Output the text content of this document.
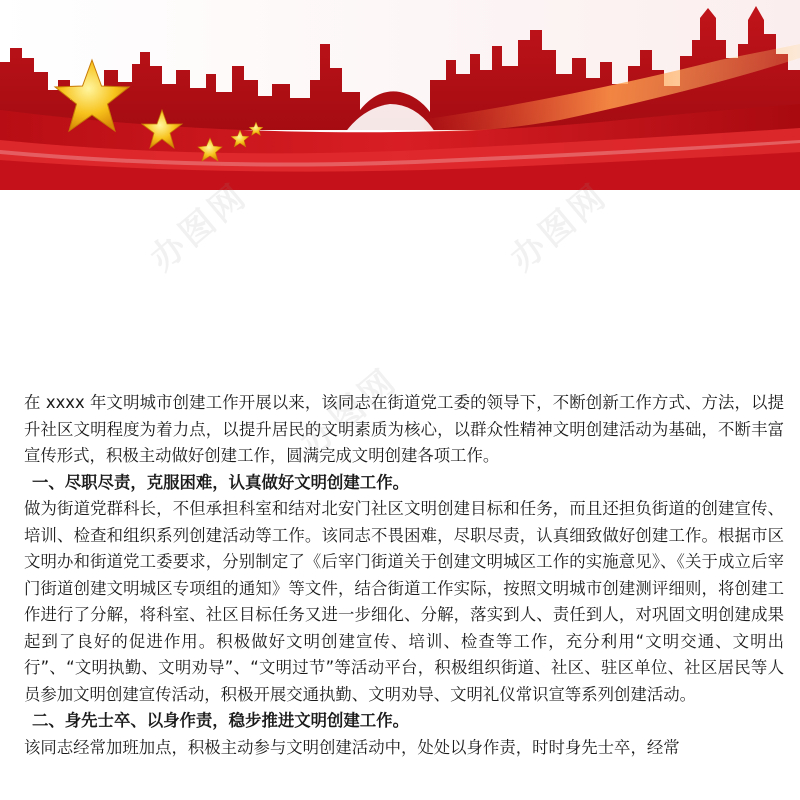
办图网	办图网
办图网

在 xxxx 年文明城市创建工作开展以来，该同志在街道党工委的领导下，不断创新工作方式、方法，以提升社区文明程度为着力点，以提升居民的文明素质为核心，以群众性精神文明创建活动为基础，不断丰富宣传形式，积极主动做好创建工作，圆满完成文明创建各项工作。

一、尽职尽责，克服困难，认真做好文明创建工作。

做为街道党群科长，不但承担科室和结对北安门社区文明创建目标和任务，而且还担负街道的创建宣传、培训、检查和组织系列创建活动等工作。该同志不畏困难，尽职尽责，认真细致做好创建工作。根据市区文明办和街道党工委要求，分别制定了《后宰门街道关于创建文明城区工作的实施意见》、《关于成立后宰门街道创建文明城区专项组的通知》等文件，结合街道工作实际，按照文明城市创建测评细则，将创建工作进行了分解，将科室、社区目标任务又进一步细化、分解，落实到人、责任到人，对巩固文明创建成果起到了良好的促进作用。积极做好文明创建宣传、培训、检查等工作，充分利用“文明交通、文明出行”、“文明执勤、文明劝导”、“文明过节”等活动平台，积极组织街道、社区、驻区单位、社区居民等人员参加文明创建宣传活动，积极开展交通执勤、文明劝导、文明礼仪常识宣等系列创建活动。

二、身先士卒、以身作责，稳步推进文明创建工作。

该同志经常加班加点，积极主动参与文明创建活动中，处处以身作责，时时身先士卒，经常
